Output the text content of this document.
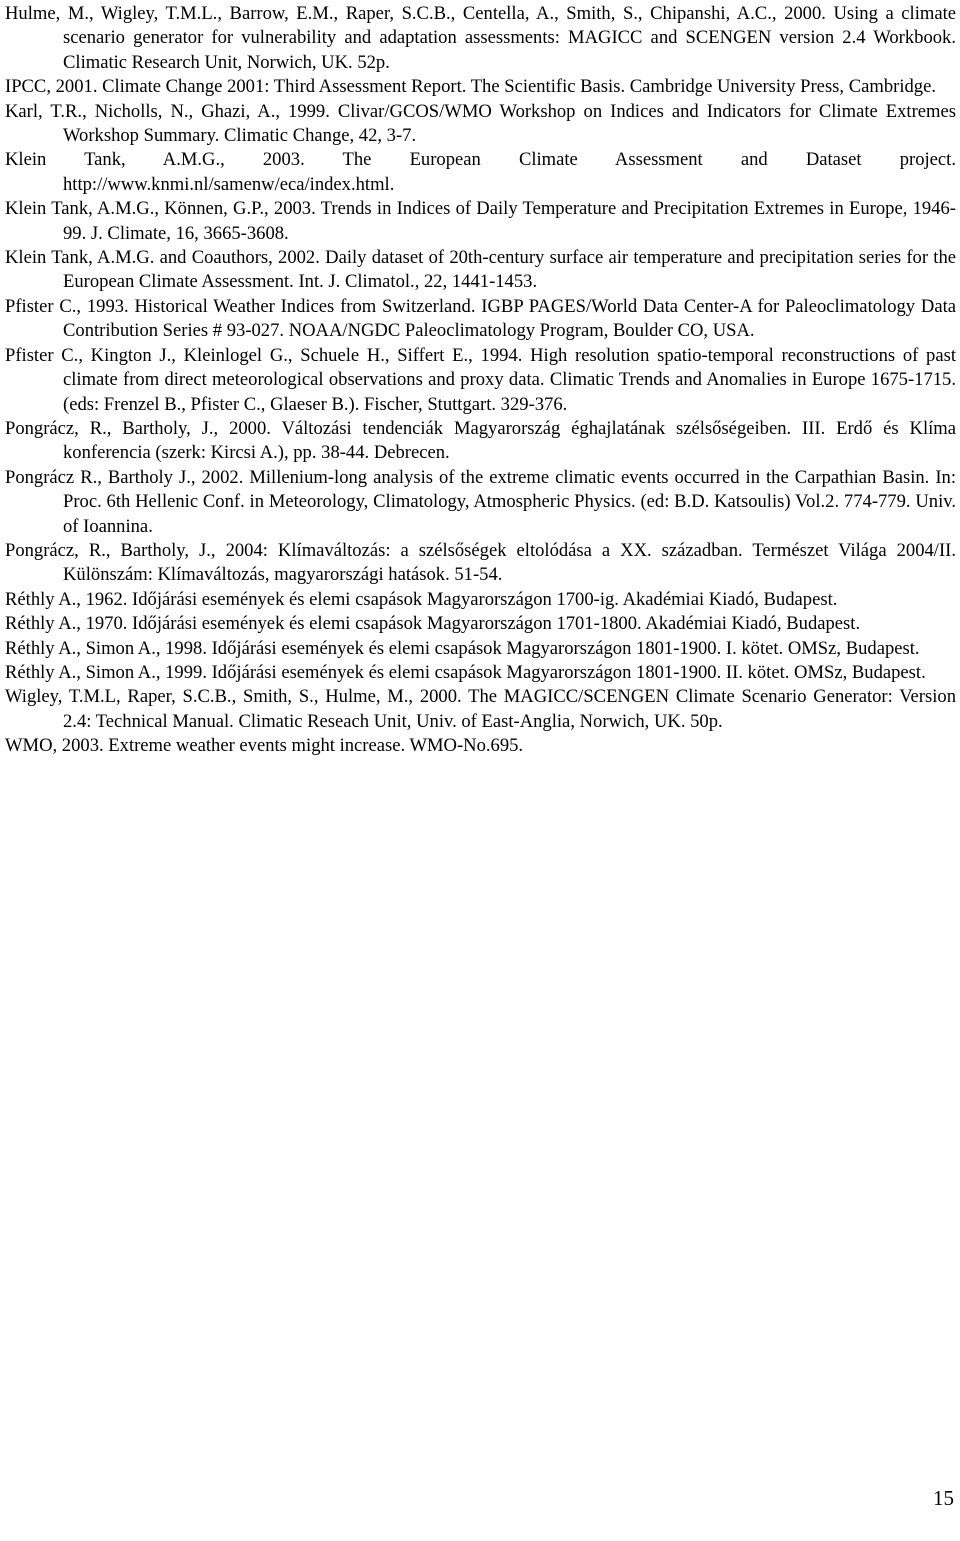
Hulme, M., Wigley, T.M.L., Barrow, E.M., Raper, S.C.B., Centella, A., Smith, S., Chipanshi, A.C., 2000. Using a climate scenario generator for vulnerability and adaptation assessments: MAGICC and SCENGEN version 2.4 Workbook. Climatic Research Unit, Norwich, UK. 52p.

IPCC, 2001. Climate Change 2001: Third Assessment Report. The Scientific Basis. Cambridge University Press, Cambridge.

Karl, T.R., Nicholls, N., Ghazi, A., 1999. Clivar/GCOS/WMO Workshop on Indices and Indicators for Climate Extremes Workshop Summary. Climatic Change, 42, 3-7.

Klein Tank, A.M.G., 2003. The European Climate Assessment and Dataset project. http://www.knmi.nl/samenw/eca/index.html.

Klein Tank, A.M.G., Können, G.P., 2003. Trends in Indices of Daily Temperature and Precipitation Extremes in Europe, 1946-99. J. Climate, 16, 3665-3608.

Klein Tank, A.M.G. and Coauthors, 2002. Daily dataset of 20th-century surface air temperature and precipitation series for the European Climate Assessment. Int. J. Climatol., 22, 1441-1453.

Pfister C., 1993. Historical Weather Indices from Switzerland. IGBP PAGES/World Data Center-A for Paleoclimatology Data Contribution Series # 93-027. NOAA/NGDC Paleoclimatology Program, Boulder CO, USA.

Pfister C., Kington J., Kleinlogel G., Schuele H., Siffert E., 1994. High resolution spatio-temporal reconstructions of past climate from direct meteorological observations and proxy data. Climatic Trends and Anomalies in Europe 1675-1715. (eds: Frenzel B., Pfister C., Glaeser B.). Fischer, Stuttgart. 329-376.

Pongrácz, R., Bartholy, J., 2000. Változási tendenciák Magyarország éghajlatának szélsőségeiben. III. Erdő és Klíma konferencia (szerk: Kircsi A.), pp. 38-44. Debrecen.

Pongrácz R., Bartholy J., 2002. Millenium-long analysis of the extreme climatic events occurred in the Carpathian Basin. In: Proc. 6th Hellenic Conf. in Meteorology, Climatology, Atmospheric Physics. (ed: B.D. Katsoulis) Vol.2. 774-779. Univ. of Ioannina.

Pongrácz, R., Bartholy, J., 2004: Klímaváltozás: a szélsőségek eltolódása a XX. században. Természet Világa 2004/II. Különszám: Klímaváltozás, magyarországi hatások. 51-54.

Réthly A., 1962. Időjárási események és elemi csapások Magyarországon 1700-ig. Akadémiai Kiadó, Budapest.

Réthly A., 1970. Időjárási események és elemi csapások Magyarországon 1701-1800. Akadémiai Kiadó, Budapest.

Réthly A., Simon A., 1998. Időjárási események és elemi csapások Magyarországon 1801-1900. I. kötet. OMSz, Budapest.

Réthly A., Simon A., 1999. Időjárási események és elemi csapások Magyarországon 1801-1900. II. kötet. OMSz, Budapest.

Wigley, T.M.L, Raper, S.C.B., Smith, S., Hulme, M., 2000. The MAGICC/SCENGEN Climate Scenario Generator: Version 2.4: Technical Manual. Climatic Reseach Unit, Univ. of East-Anglia, Norwich, UK. 50p.

WMO, 2003. Extreme weather events might increase. WMO-No.695.

15
